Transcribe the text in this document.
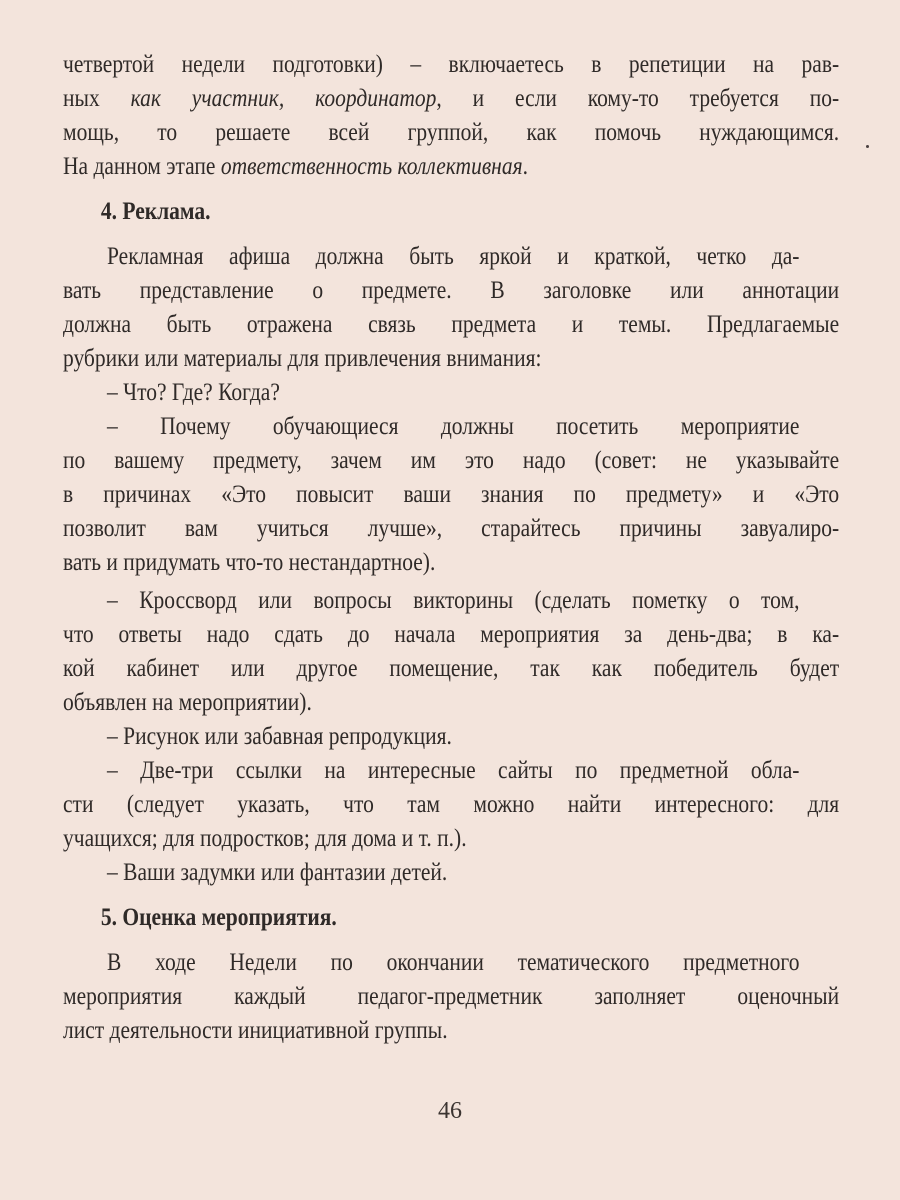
четвертой недели подготовки) – включаетесь в репетиции на рав-
ных как участник, координатор, и если кому-то требуется по-
мощь, то решаете всей группой, как помочь нуждающимся.
На данном этапе ответственность коллективная.
4. Реклама.
Рекламная афиша должна быть яркой и краткой, четко да-
вать представление о предмете. В заголовке или аннотации
должна быть отражена связь предмета и темы. Предлагаемые
рубрики или материалы для привлечения внимания:
– Что? Где? Когда?
– Почему обучающиеся должны посетить мероприятие
по вашему предмету, зачем им это надо (совет: не указывайте
в причинах «Это повысит ваши знания по предмету» и «Это
позволит вам учиться лучше», старайтесь причины завуалиро-
вать и придумать что-то нестандартное).
– Кроссворд или вопросы викторины (сделать пометку о том,
что ответы надо сдать до начала мероприятия за день-два; в ка-
кой кабинет или другое помещение, так как победитель будет
объявлен на мероприятии).
– Рисунок или забавная репродукция.
– Две-три ссылки на интересные сайты по предметной обла-
сти (следует указать, что там можно найти интересного: для
учащихся; для подростков; для дома и т. п.).
– Ваши задумки или фантазии детей.
5. Оценка мероприятия.
В ходе Недели по окончании тематического предметного
мероприятия каждый педагог-предметник заполняет оценочный
лист деятельности инициативной группы.
46
